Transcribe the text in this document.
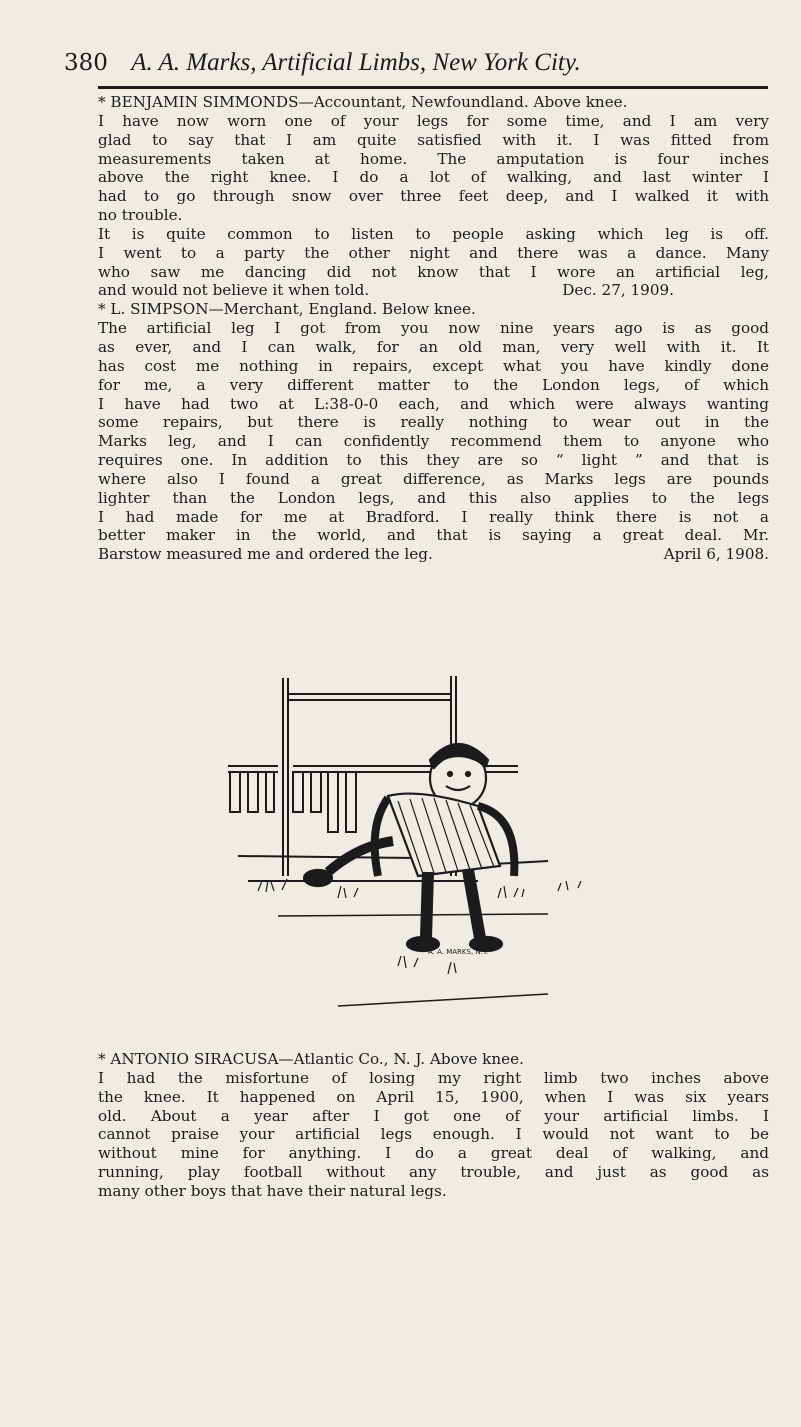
380 A. A. Marks, Artificial Limbs, New York City.

* BENJAMIN SIMMONDS—Accountant, Newfoundland. Above knee.

I have now worn one of your legs for some time, and I am very

glad to say that I am quite satisfied with it. I was fitted from

measurements taken at home. The amputation is four inches

above the right knee. I do a lot of walking, and last winter I

had to go through snow over three feet deep, and I walked it with

no trouble.

It is quite common to listen to people asking which leg is off.

I went to a party the other night and there was a dance. Many

who saw me dancing did not know that I wore an artificial leg,

and would not believe it when told.	Dec. 27, 1909.

* L. SIMPSON—Merchant, England. Below knee.

The artificial leg I got from you now nine years ago is as good

as ever, and I can walk, for an old man, very well with it. It

has cost me nothing in repairs, except what you have kindly done

for me, a very different matter to the London legs, of which

I have had two at L:38-0-0 each, and which were always wanting

some repairs, but there is really nothing to wear out in the

Marks leg, and I can confidently recommend them to anyone who

requires one. In addition to this they are so “ light ” and that is

where also I found a great difference, as Marks legs are pounds

lighter than the London legs, and this also applies to the legs

I had made for me at Bradford. I really think there is not a

better maker in the world, and that is saying a great deal. Mr.

Barstow measured me and ordered the leg.	April 6, 1908.

A. A. MARKS, N.Y.

* ANTONIO SIRACUSA—Atlantic Co., N. J. Above knee.

I had the misfortune of losing my right limb two inches above

the knee. It happened on April 15, 1900, when I was six years

old. About a year after I got one of your artificial limbs. I

cannot praise your artificial legs enough. I would not want to be

without mine for anything. I do a great deal of walking, and

running, play football without any trouble, and just as good as

many other boys that have their natural legs.
